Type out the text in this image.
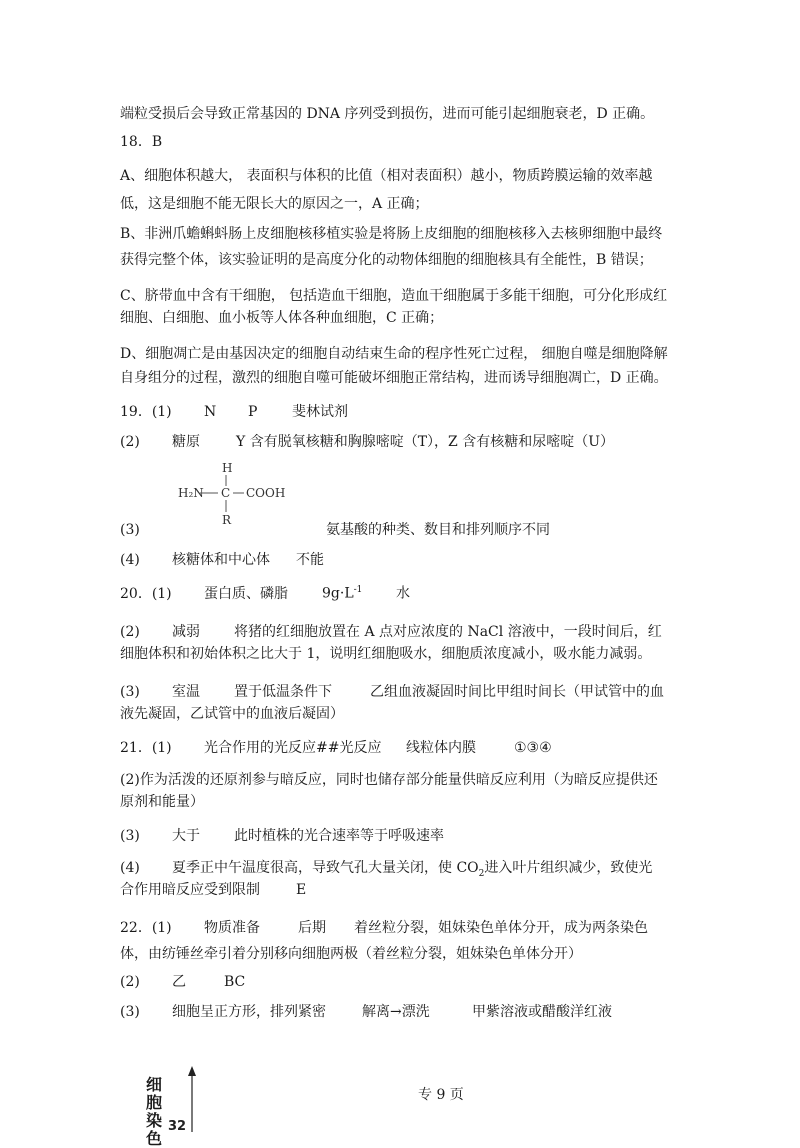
端粒受损后会导致正常基因的 DNA 序列受到损伤，进而可能引起细胞衰老，D 正确。
18．B
A、细胞体积越大， 表面积与体积的比值（相对表面积）越小，物质跨膜运输的效率越
低，这是细胞不能无限长大的原因之一，A 正确；
B、非洲爪蟾蝌蚪肠上皮细胞核移植实验是将肠上皮细胞的细胞核移入去核卵细胞中最终
获得完整个体，该实验证明的是高度分化的动物体细胞的细胞核具有全能性，B 错误；
C、脐带血中含有干细胞， 包括造血干细胞，造血干细胞属于多能干细胞，可分化形成红
细胞、白细胞、血小板等人体各种血细胞，C 正确；
D、细胞凋亡是由基因决定的细胞自动结束生命的程序性死亡过程， 细胞自噬是细胞降解
自身组分的过程，激烈的细胞自噬可能破坏细胞正常结构，进而诱导细胞凋亡，D 正确。
19．(1) N P 斐林试剂
(2) 糖原	Y 含有脱氧核糖和胸腺嘧啶（T），Z 含有核糖和尿嘧啶（U）
H
H₂N C COOH
R
(3)	氨基酸的种类、数目和排列顺序不同
(4) 核糖体和中心体 不能
20．(1) 蛋白质、磷脂 $9g\cdot L^{-1}$ 水
(2) 减弱 将猪的红细胞放置在 A 点对应浓度的 NaCl 溶液中，一段时间后，红
细胞体积和初始体积之比大于 1，说明红细胞吸水，细胞质浓度减小，吸水能力减弱。
(3) 室温 置于低温条件下	乙组血液凝固时间比甲组时间长（甲试管中的血
液先凝固，乙试管中的血液后凝固）
21．(1) 光合作用的光反应##光反应 线粒体内膜	①③④
(2)作为活泼的还原剂参与暗反应，同时也储存部分能量供暗反应利用（为暗反应提供还
原剂和能量）
(3) 大于 此时植株的光合速率等于呼吸速率
(4) 夏季正中午温度很高，导致气孔大量关闭，使 $CO_2$进入叶片组织减少，致使光
合作用暗反应受到限制	E
22．(1) 物质准备	后期 着丝粒分裂，姐妹染色单体分开，成为两条染色
体，由纺锤丝牵引着分别移向细胞两极（着丝粒分裂，姐妹染色单体分开）
(2) 乙	BC
(3) 细胞呈正方形，排列紧密	解离→漂洗	甲紫溶液或醋酸洋红液
细胞染色
32
专 9 页
